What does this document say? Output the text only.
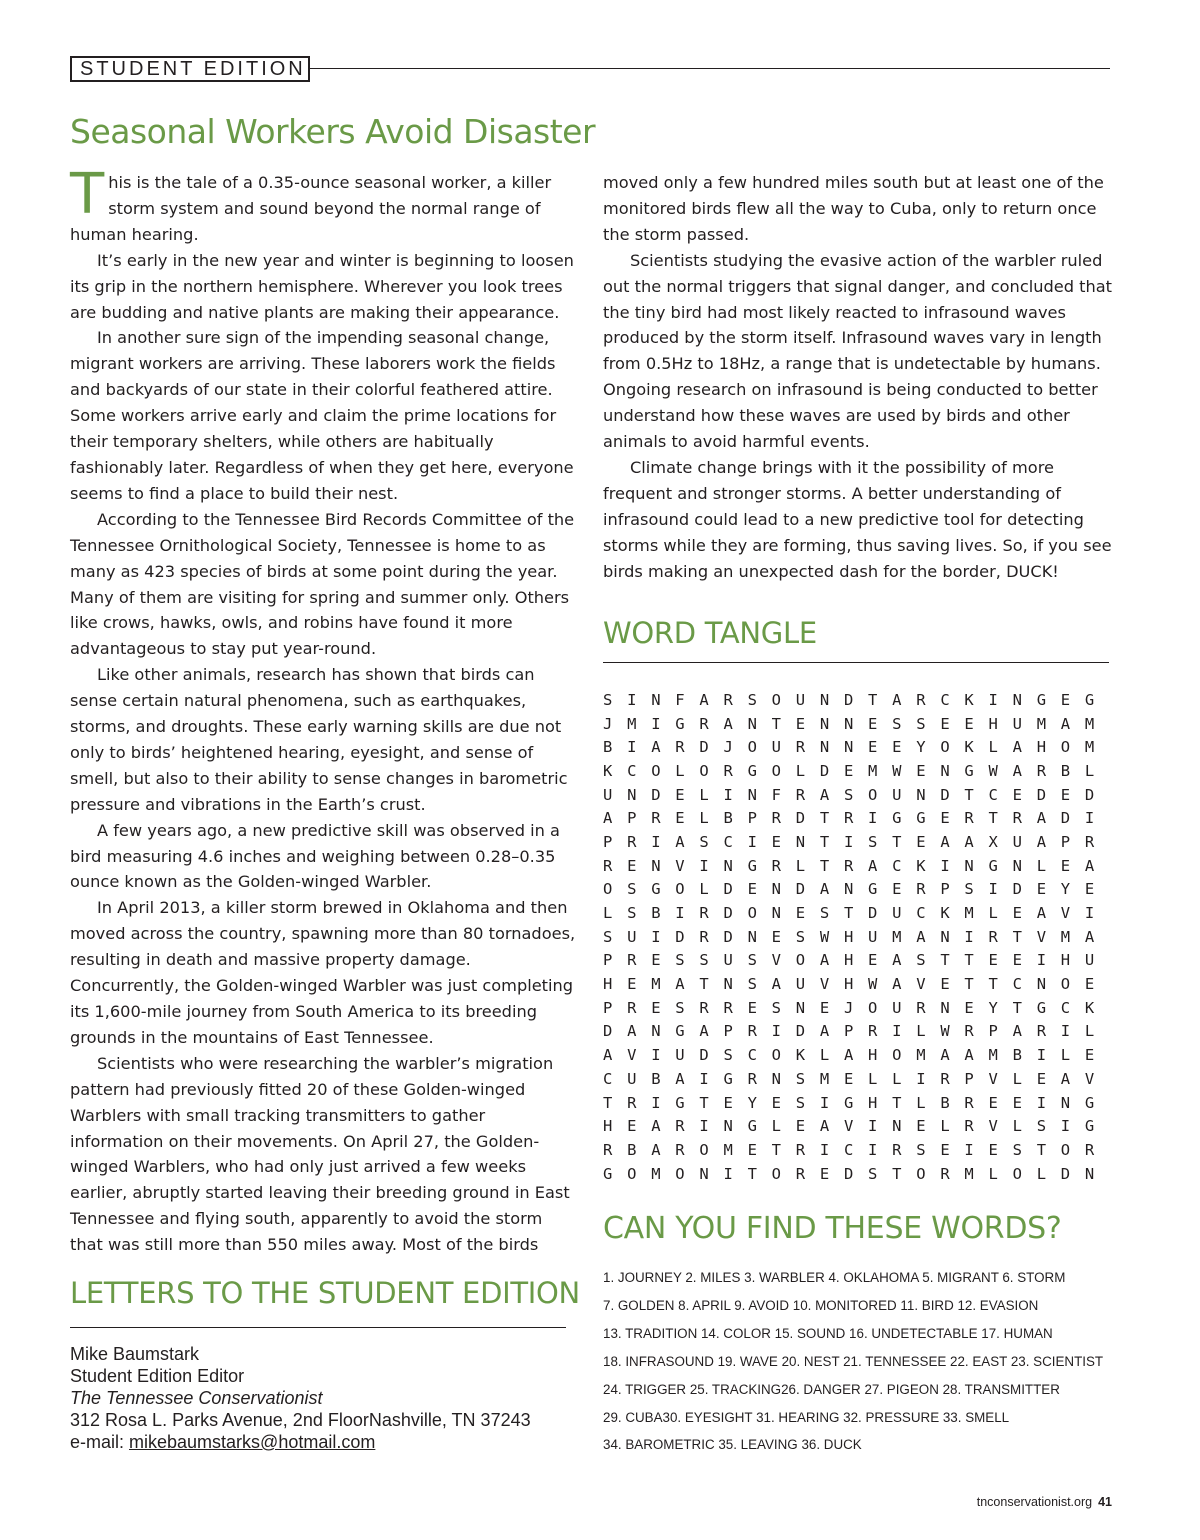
STUDENT EDITION
Seasonal Workers Avoid Disaster

This is the tale of a 0.35-ounce seasonal worker, a killer storm system and sound beyond the normal range of human hearing.

It’s early in the new year and winter is beginning to loosen its grip in the northern hemisphere. Wherever you look trees are budding and native plants are making their appearance.

In another sure sign of the impending seasonal change, migrant workers are arriving. These laborers work the fields and backyards of our state in their colorful feathered attire. Some workers arrive early and claim the prime locations for their temporary shelters, while others are habitually fashionably later. Regardless of when they get here, everyone seems to find a place to build their nest.

According to the Tennessee Bird Records Committee of the Tennessee Ornithological Society, Tennessee is home to as many as 423 species of birds at some point during the year. Many of them are visiting for spring and summer only. Others like crows, hawks, owls, and robins have found it more advantageous to stay put year-round.

Like other animals, research has shown that birds can sense certain natural phenomena, such as earthquakes, storms, and droughts. These early warning skills are due not only to birds’ heightened hearing, eyesight, and sense of smell, but also to their ability to sense changes in barometric pressure and vibrations in the Earth’s crust.

A few years ago, a new predictive skill was observed in a bird measuring 4.6 inches and weighing between 0.28–0.35 ounce known as the Golden-winged Warbler.

In April 2013, a killer storm brewed in Oklahoma and then moved across the country, spawning more than 80 tornadoes, resulting in death and massive property damage. Concurrently, the Golden-winged Warbler was just completing its 1,600-mile journey from South America to its breeding grounds in the mountains of East Tennessee.

Scientists who were researching the warbler’s migration pattern had previously fitted 20 of these Golden-winged Warblers with small tracking transmitters to gather information on their movements. On April 27, the Golden-winged Warblers, who had only just arrived a few weeks earlier, abruptly started leaving their breeding ground in East Tennessee and flying south, apparently to avoid the storm that was still more than 550 miles away. Most of the birds

moved only a few hundred miles south but at least one of the monitored birds flew all the way to Cuba, only to return once the storm passed.

Scientists studying the evasive action of the warbler ruled out the normal triggers that signal danger, and concluded that the tiny bird had most likely reacted to infrasound waves produced by the storm itself. Infrasound waves vary in length from 0.5Hz to 18Hz, a range that is undetectable by humans. Ongoing research on infrasound is being conducted to better understand how these waves are used by birds and other animals to avoid harmful events.

Climate change brings with it the possibility of more frequent and stronger storms. A better understanding of infrasound could lead to a new predictive tool for detecting storms while they are forming, thus saving lives. So, if you see birds making an unexpected dash for the border, DUCK!

LETTERS TO THE STUDENT EDITION
Mike Baumstark
Student Edition Editor
The Tennessee Conservationist
312 Rosa L. Parks Avenue, 2nd FloorNashville, TN 37243
e-mail: mikebaumstarks@hotmail.com
WORD TANGLE
S I N F A R S O U N D T A R C K I N G E G
J M I G R A N T E N N E S S E E H U M A M
B I A R D J O U R N N E E Y O K L A H O M
K C O L O R G O L D E M W E N G W A R B L
U N D E L I N F R A S O U N D T C E D E D
A P R E L B P R D T R I G G E R T R A D I
P R I A S C I E N T I S T E A A X U A P R
R E N V I N G R L T R A C K I N G N L E A
O S G O L D E N D A N G E R P S I D E Y E
L S B I R D O N E S T D U C K M L E A V I
S U I D R D N E S W H U M A N I R T V M A
P R E S S U S V O A H E A S T T E E I H U
H E M A T N S A U V H W A V E T T C N O E
P R E S R R E S N E J O U R N E Y T G C K
D A N G A P R I D A P R I L W R P A R I L
A V I U D S C O K L A H O M A A M B I L E
C U B A I G R N S M E L L I R P V L E A V
T R I G T E Y E S I G H T L B R E E I N G
H E A R I N G L E A V I N E L R V L S I G
R B A R O M E T R I C I R S E I E S T O R
G O M O N I T O R E D S T O R M L O L D N
CAN YOU FIND THESE WORDS?
1. JOURNEY 2. MILES 3. WARBLER 4. OKLAHOMA 5. MIGRANT 6. STORM
7. GOLDEN 8. APRIL 9. AVOID 10. MONITORED 11. BIRD 12. EVASION
13. TRADITION 14. COLOR 15. SOUND 16. UNDETECTABLE 17. HUMAN
18. INFRASOUND 19. WAVE 20. NEST 21. TENNESSEE 22. EAST 23. SCIENTIST
24. TRIGGER 25. TRACKING26. DANGER 27. PIGEON 28. TRANSMITTER
29. CUBA30. EYESIGHT 31. HEARING 32. PRESSURE 33. SMELL
34. BAROMETRIC 35. LEAVING 36. DUCK
tnconservationist.org 41
